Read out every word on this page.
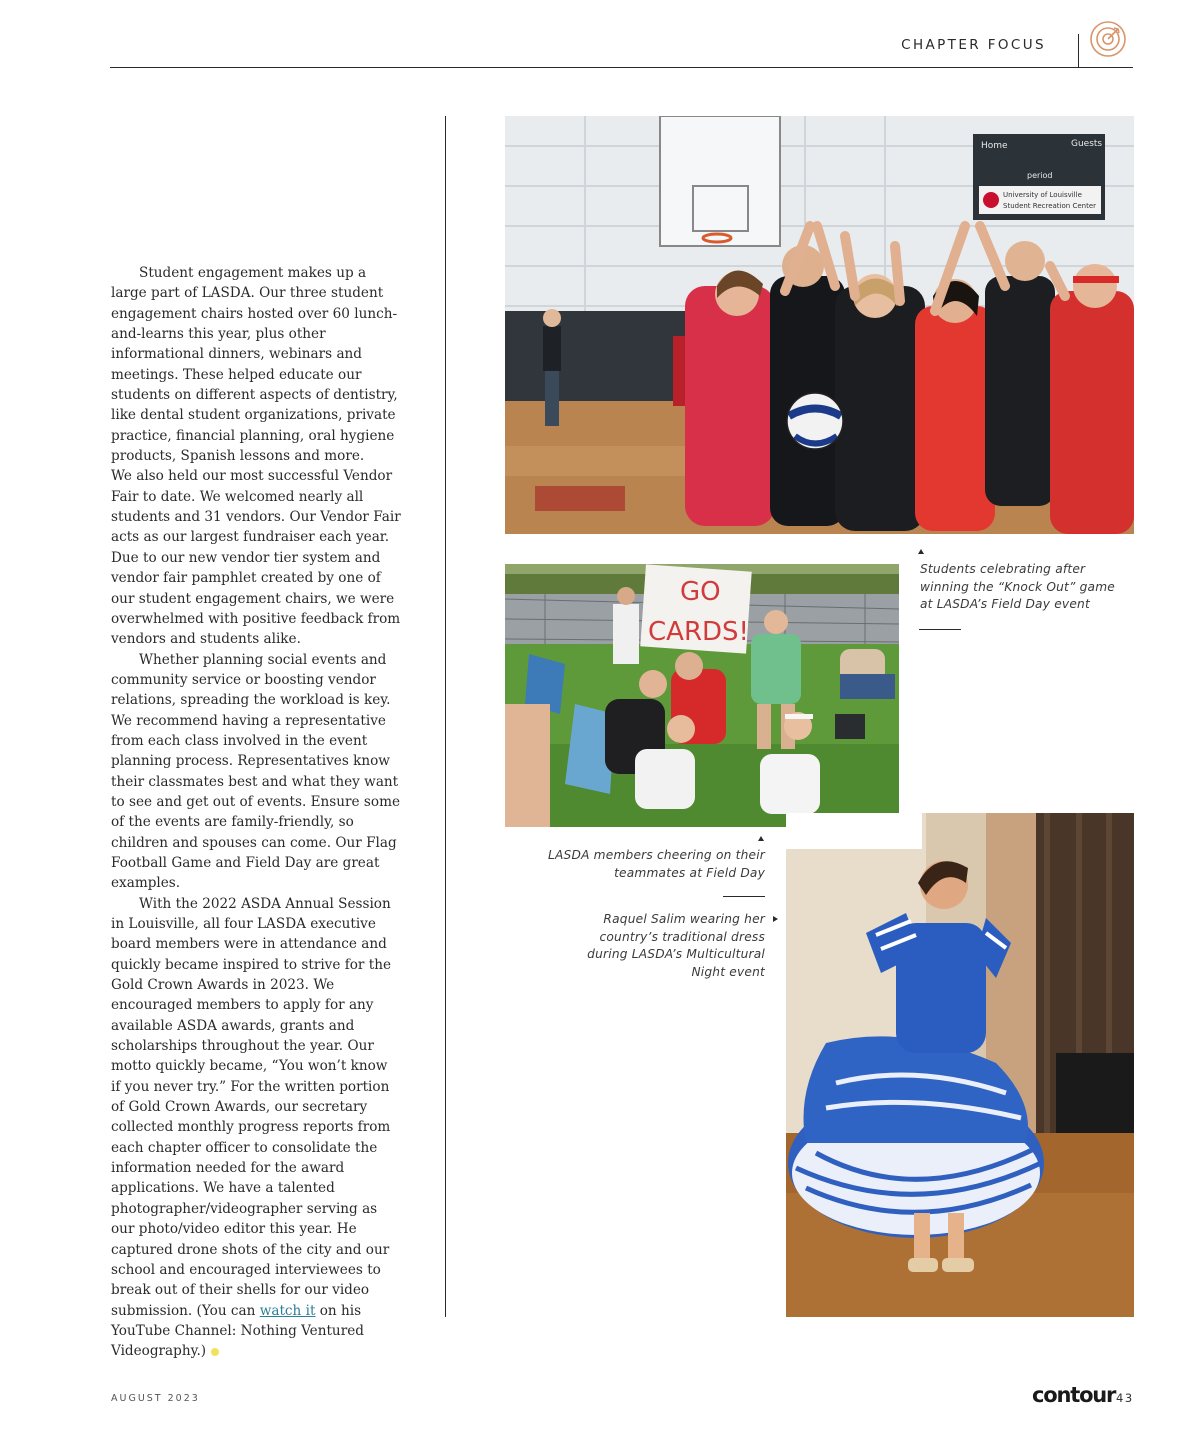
CHAPTER FOCUS

Student engagement makes up a large part of LASDA. Our three student engagement chairs hosted over 60 lunch-and-learns this year, plus other informational dinners, webinars and meetings. These helped educate our students on different aspects of dentistry, like dental student organizations, private practice, financial planning, oral hygiene products, Spanish lessons and more.

We also held our most successful Vendor Fair to date. We welcomed nearly all students and 31 vendors. Our Vendor Fair acts as our largest fundraiser each year. Due to our new vendor tier system and vendor fair pamphlet created by one of our student engagement chairs, we were overwhelmed with positive feedback from vendors and students alike.

Whether planning social events and community service or boosting vendor relations, spreading the workload is key. We recommend having a representative from each class involved in the event planning process. Representatives know their classmates best and what they want to see and get out of events. Ensure some of the events are family-friendly, so children and spouses can come. Our Flag Football Game and Field Day are great examples.

With the 2022 ASDA Annual Session in Louisville, all four LASDA executive board members were in attendance and quickly became inspired to strive for the Gold Crown Awards in 2023. We encouraged members to apply for any available ASDA awards, grants and scholarships throughout the year. Our motto quickly became, “You won’t know if you never try.” For the written portion of Gold Crown Awards, our secretary collected monthly progress reports from each chapter officer to consolidate the information needed for the award applications. We have a talented photographer/videographer serving as our photo/video editor this year. He captured drone shots of the city and our school and encouraged interviewees to break out of their shells for our video submission. (You can watch it on his YouTube Channel: Nothing Ventured Videography.)

Home	Guests
period
University of Louisville
Student Recreation Center
GO
CARDS!
Students celebrating after winning the “Knock Out” game at LASDA’s Field Day event
LASDA members cheering on their teammates at Field Day
Raquel Salim wearing her country’s traditional dress during LASDA’s Multicultural Night event
AUGUST 2023	contour 43
